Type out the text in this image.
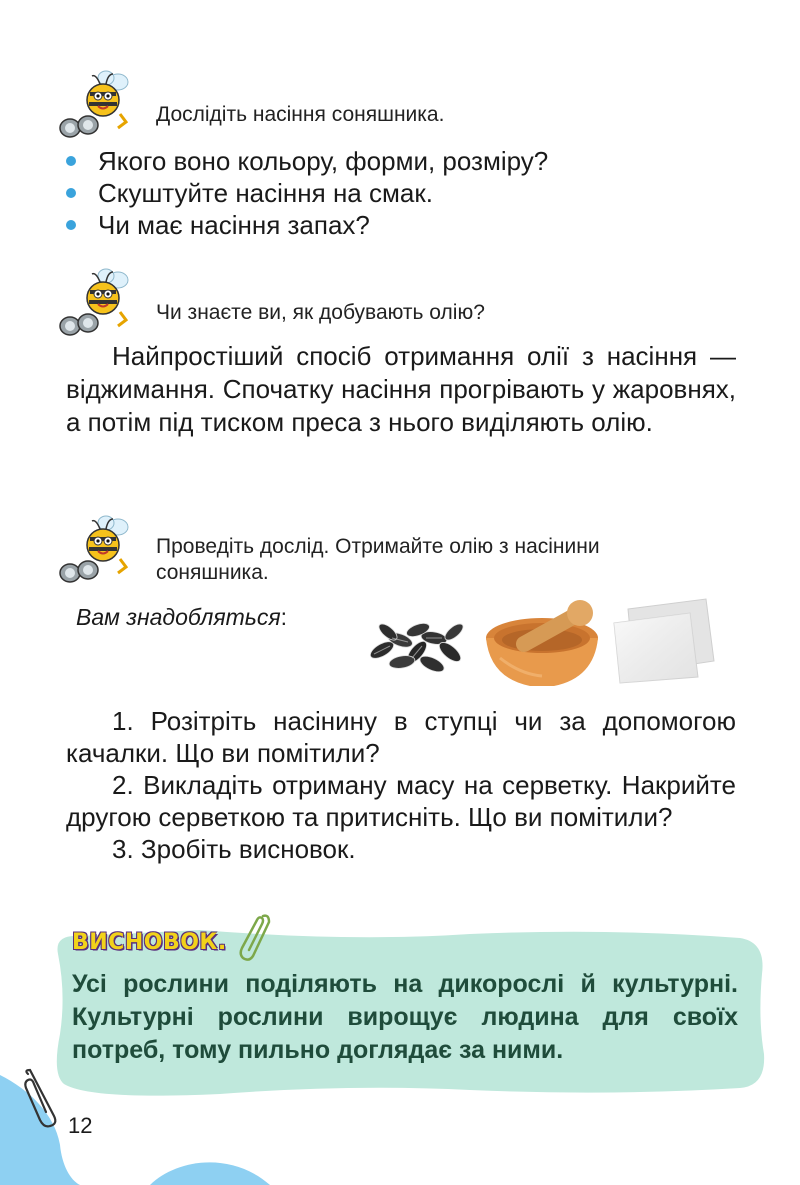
Дослідіть насіння соняшника.
Якого воно кольору, форми, розміру?
Скуштуйте насіння на смак.
Чи має насіння запах?
Чи знаєте ви, як добувають олію?

Найпростіший спосіб отримання олії з насіння — віджимання. Спочатку насіння прогрівають у жаровнях, а потім під тиском преса з нього виділяють олію.

Проведіть дослід. Отримайте олію з насінини
соняшника.
Вам знадобляться:

1. Розітріть насінину в ступці чи за допомогою качалки. Що ви помітили?

2. Викладіть отриману масу на серветку. Накрийте другою серветкою та притисніть. Що ви помітили?

3. Зробіть висновок.

ВИСНОВОК.

Усі рослини поділяють на дикорослі й культурні. Культурні рослини вирощує людина для своїх потреб, тому пильно доглядає за ними.

12
